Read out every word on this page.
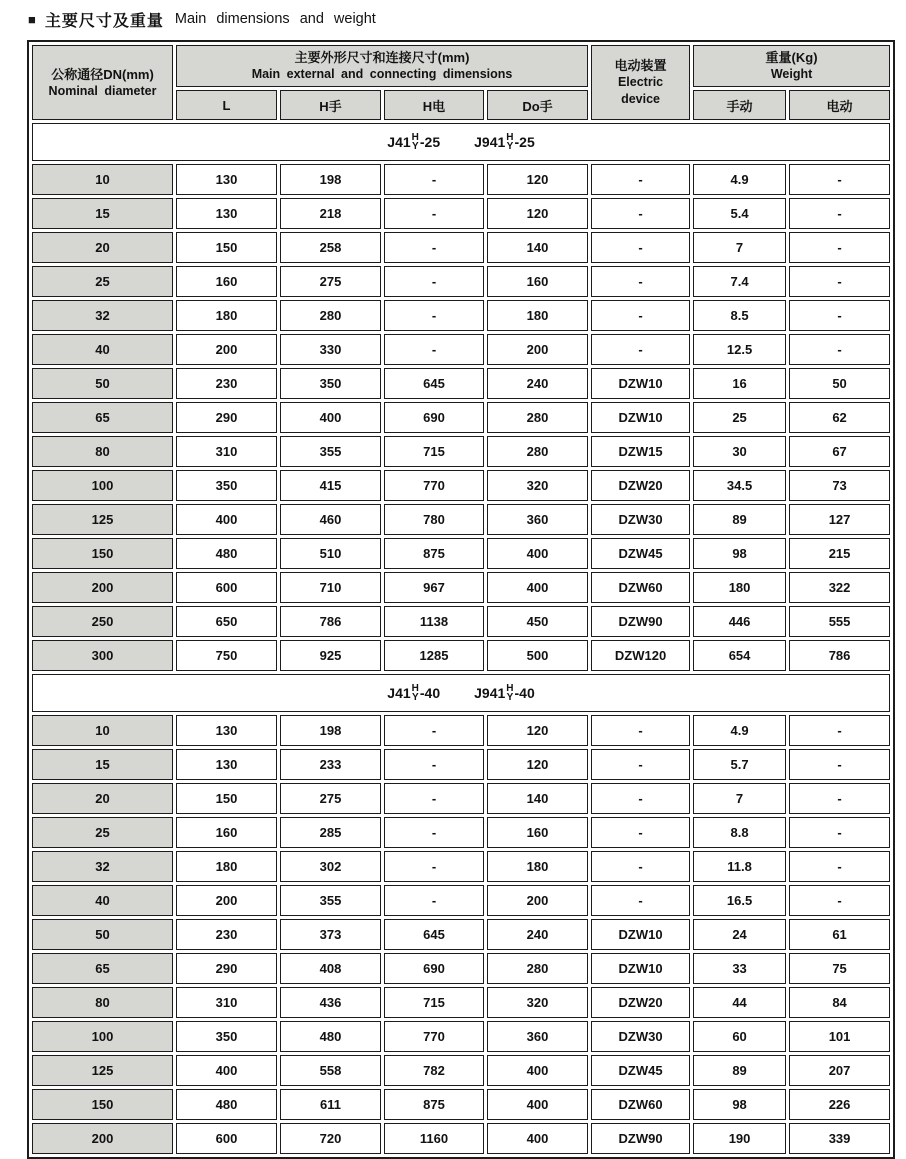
■ 主要尺寸及重量 Main dimensions and weight
公称通径DN(mm)
Nominal diameter

主要外形尺寸和连接尺寸(mm)
Main external and connecting dimensions

电动装置
Electric
device

重量(Kg)
Weight

	L	H手	H电	Do手		手动	电动

J41 H
Y -25 J941 H
Y -25

10	130	198	-	120	-	4.9	-
15	130	218	-	120	-	5.4	-
20	150	258	-	140	-	7	-
25	160	275	-	160	-	7.4	-
32	180	280	-	180	-	8.5	-
40	200	330	-	200	-	12.5	-
50	230	350	645	240	DZW10	16	50
65	290	400	690	280	DZW10	25	62
80	310	355	715	280	DZW15	30	67
100	350	415	770	320	DZW20	34.5	73
125	400	460	780	360	DZW30	89	127
150	480	510	875	400	DZW45	98	215
200	600	710	967	400	DZW60	180	322
250	650	786	1138	450	DZW90	446	555
300	750	925	1285	500	DZW120	654	786

J41 H
Y -40 J941 H
Y -40

10	130	198	-	120	-	4.9	-
15	130	233	-	120	-	5.7	-
20	150	275	-	140	-	7	-
25	160	285	-	160	-	8.8	-
32	180	302	-	180	-	11.8	-
40	200	355	-	200	-	16.5	-
50	230	373	645	240	DZW10	24	61
65	290	408	690	280	DZW10	33	75
80	310	436	715	320	DZW20	44	84
100	350	480	770	360	DZW30	60	101
125	400	558	782	400	DZW45	89	207
150	480	611	875	400	DZW60	98	226
200	600	720	1160	400	DZW90	190	339
